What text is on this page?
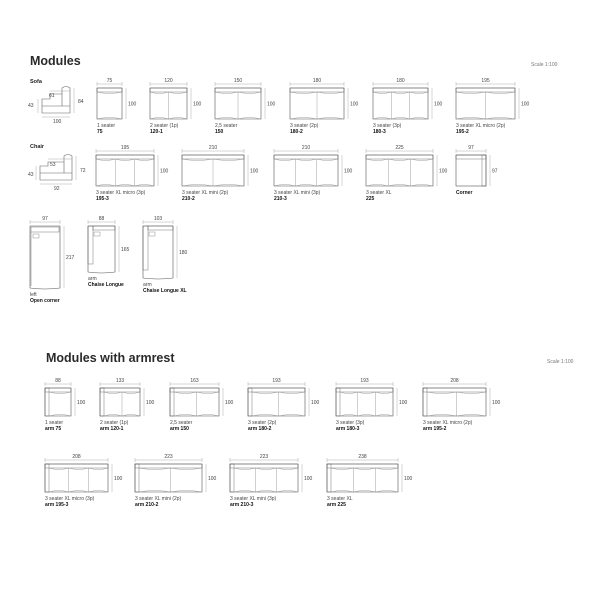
Modules	Scale 1:100
Modules with armrest	Scale 1:100
Sofa
Chair
61
84
43
100
53
72
43
92
75
100
120
100
150
100
180
100
180
100
195
100
195
100
210
100
210
100
225
100
97
97
97
217
88
165
103
180
88
100
133
100
163
100
193
100
193
100
208
100
208
100
223
100
223
100
238
100
1 seater
75
2 seater (1p)
120-1
2,5 seater
150
3 seater (2p)
180-2
3 seater (3p)
180-3
3 seater XL micro (2p)
195-2
3 seater XL micro (3p)
195-3
3 seater XL mini (2p)
210-2
3 seater XL mini (3p)
210-3
3 seater XL
225
Corner
left
Open corner
arm
Chaise Longue	arm
Chaise Longue XL
1 seater
arm 75
2 seater (1p)
arm 120-1
2,5 seater
arm 150
3 seater (2p)
arm 180-2
3 seater (3p)
arm 180-3
3 seater XL micro (2p)
arm 195-2
3 seater XL micro (3p)
arm 195-3
3 seater XL mini (2p)
arm 210-2
3 seater XL mini (3p)
arm 210-3
3 seater XL
arm 225
